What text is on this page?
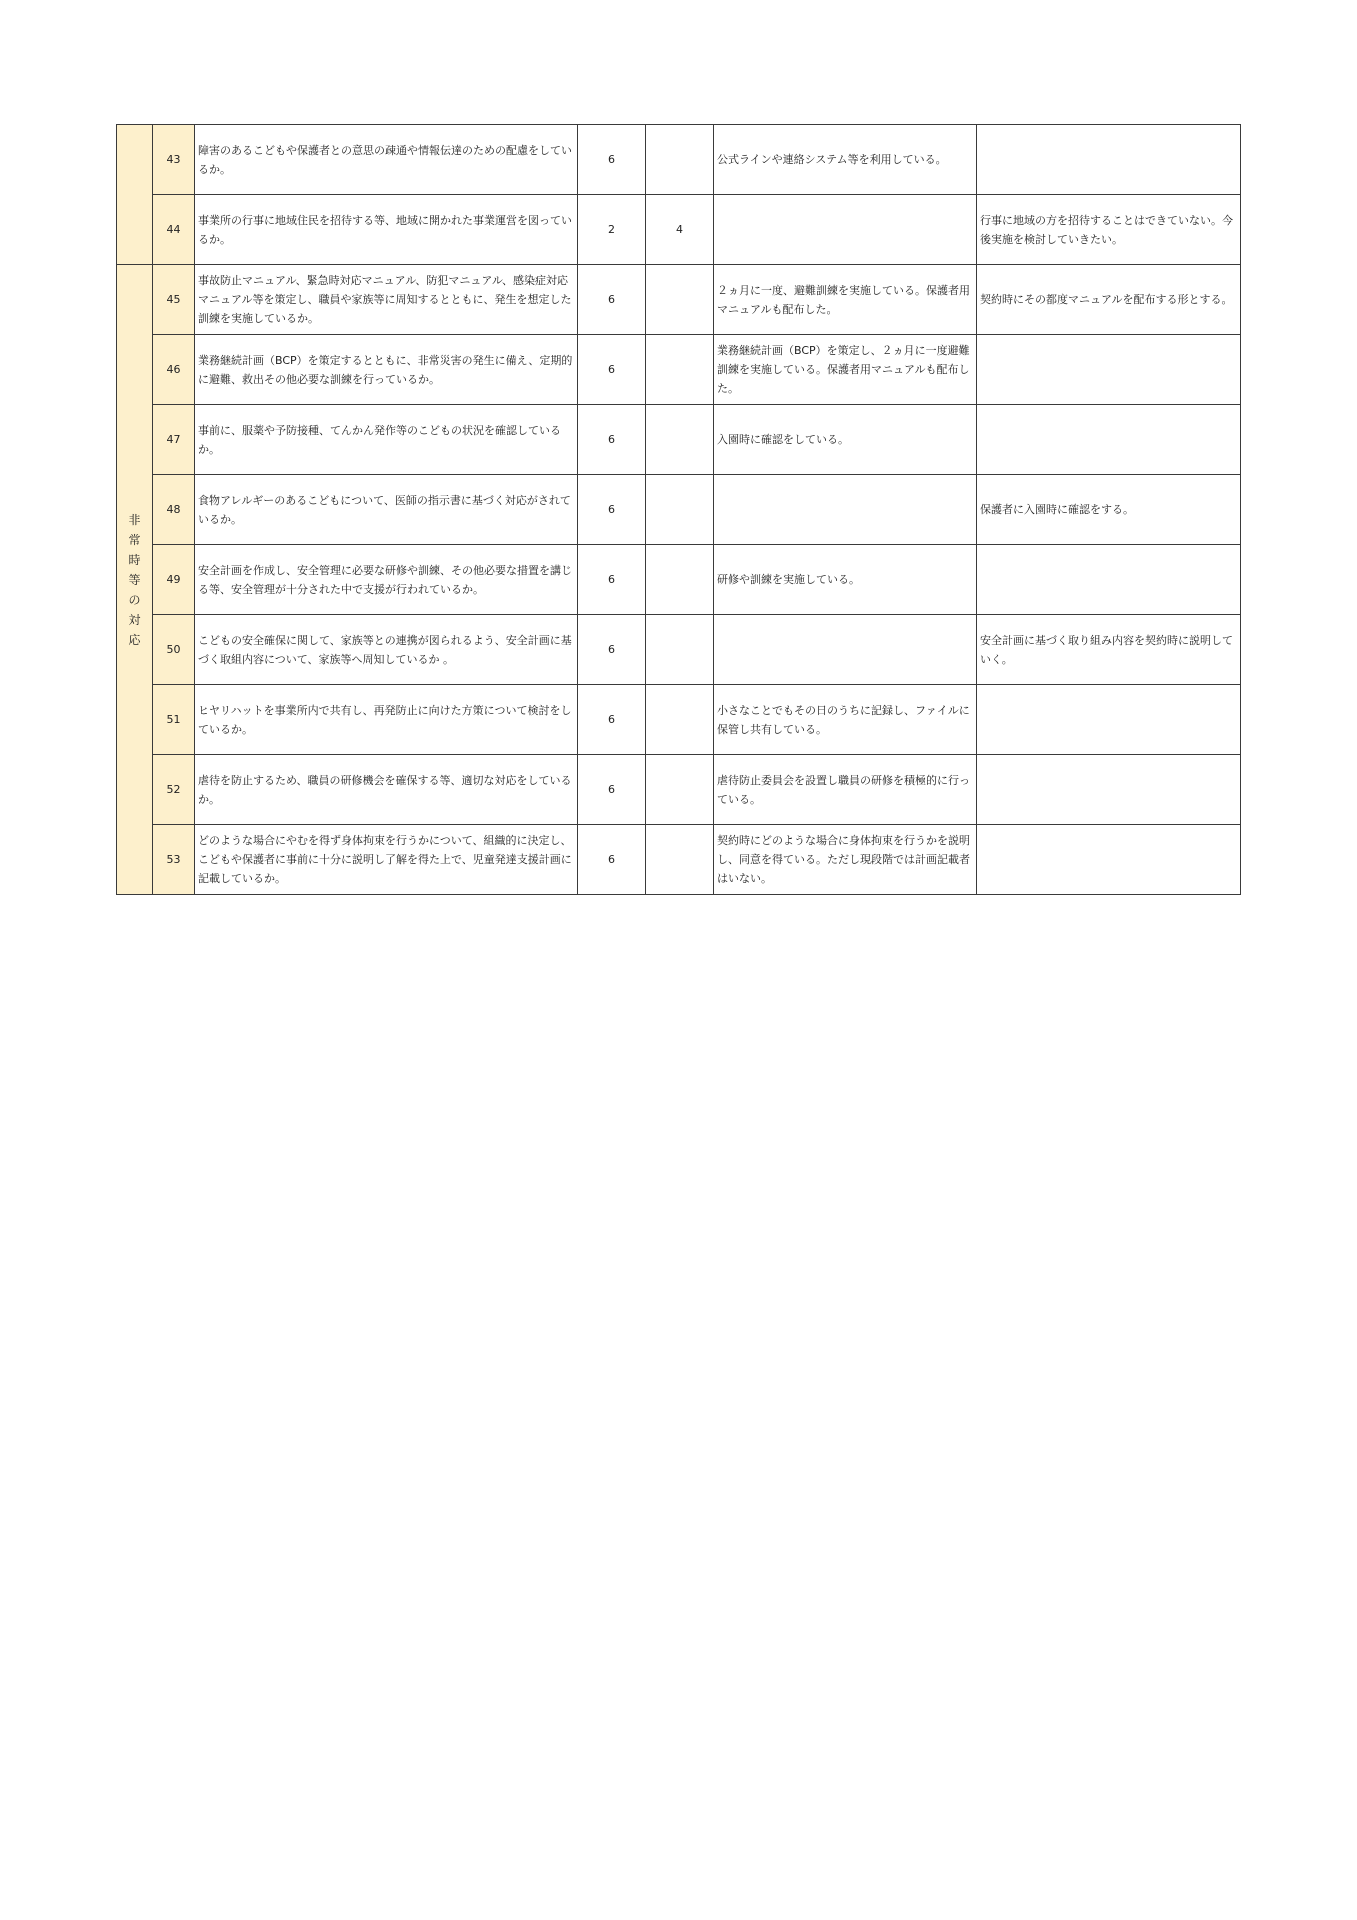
	43	障害のあるこどもや保護者との意思の疎通や情報伝達のための配慮をしているか。	6		公式ラインや連絡システム等を利用している。	
	44	事業所の行事に地域住民を招待する等、地域に開かれた事業運営を図っているか。	2	4		行事に地域の方を招待することはできていない。今後実施を検討していきたい。
非常時等の対応	45	事故防止マニュアル、緊急時対応マニュアル、防犯マニュアル、感染症対応マニュアル等を策定し、職員や家族等に周知するとともに、発生を想定した訓練を実施しているか。	6		２ヵ月に一度、避難訓練を実施している。保護者用マニュアルも配布した。	契約時にその都度マニュアルを配布する形とする。
	46	業務継続計画（BCP）を策定するとともに、非常災害の発生に備え、定期的に避難、救出その他必要な訓練を行っているか。	6		業務継続計画（BCP）を策定し、２ヵ月に一度避難訓練を実施している。保護者用マニュアルも配布した。	
	47	事前に、服薬や予防接種、てんかん発作等のこどもの状況を確認しているか。	6		入園時に確認をしている。	
	48	食物アレルギーのあるこどもについて、医師の指示書に基づく対応がされているか。	6			保護者に入園時に確認をする。
	49	安全計画を作成し、安全管理に必要な研修や訓練、その他必要な措置を講じる等、安全管理が十分された中で支援が行われているか。	6		研修や訓練を実施している。	
	50	こどもの安全確保に関して、家族等との連携が図られるよう、安全計画に基づく取組内容について、家族等へ周知しているか 。	6			安全計画に基づく取り組み内容を契約時に説明していく。
	51	ヒヤリハットを事業所内で共有し、再発防止に向けた方策について検討をしているか。	6		小さなことでもその日のうちに記録し、ファイルに保管し共有している。	
	52	虐待を防止するため、職員の研修機会を確保する等、適切な対応をしているか。	6		虐待防止委員会を設置し職員の研修を積極的に行っている。	
	53	どのような場合にやむを得ず身体拘束を行うかについて、組織的に決定し、こどもや保護者に事前に十分に説明し了解を得た上で、児童発達支援計画に記載しているか。	6		契約時にどのような場合に身体拘束を行うかを説明し、同意を得ている。ただし現段階では計画記載者はいない。	
